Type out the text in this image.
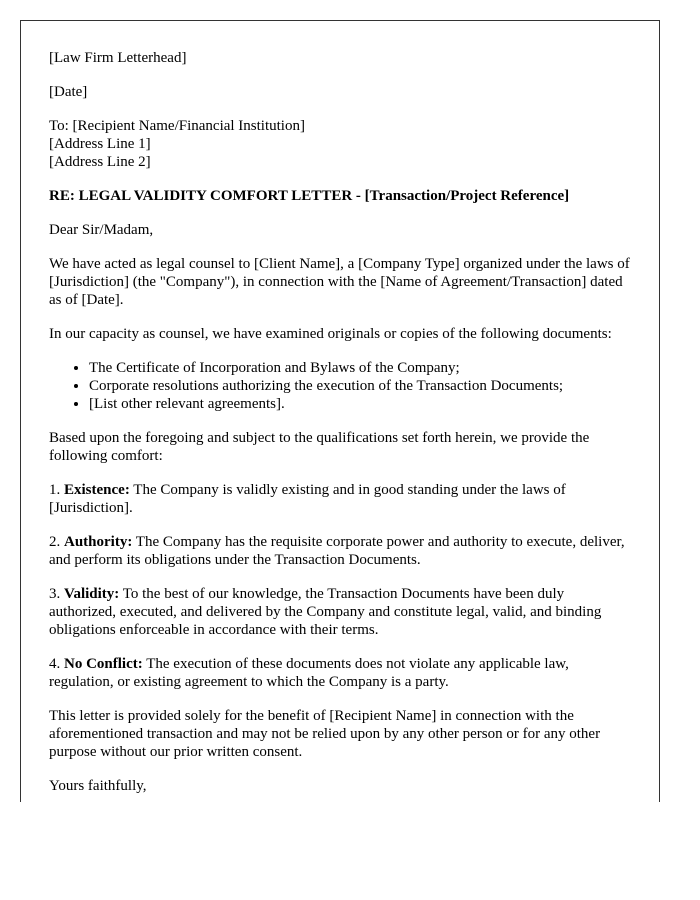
[Law Firm Letterhead]

[Date]

To: [Recipient Name/Financial Institution]
[Address Line 1]
[Address Line 2]

RE: LEGAL VALIDITY COMFORT LETTER - [Transaction/Project Reference]

Dear Sir/Madam,

We have acted as legal counsel to [Client Name], a [Company Type] organized under the laws of [Jurisdiction] (the "Company"), in connection with the [Name of Agreement/Transaction] dated as of [Date].

In our capacity as counsel, we have examined originals or copies of the following documents:

• The Certificate of Incorporation and Bylaws of the Company;
• Corporate resolutions authorizing the execution of the Transaction Documents;
• [List other relevant agreements].

Based upon the foregoing and subject to the qualifications set forth herein, we provide the following comfort:

1. Existence: The Company is validly existing and in good standing under the laws of [Jurisdiction].

2. Authority: The Company has the requisite corporate power and authority to execute, deliver, and perform its obligations under the Transaction Documents.

3. Validity: To the best of our knowledge, the Transaction Documents have been duly authorized, executed, and delivered by the Company and constitute legal, valid, and binding obligations enforceable in accordance with their terms.

4. No Conflict: The execution of these documents does not violate any applicable law, regulation, or existing agreement to which the Company is a party.

This letter is provided solely for the benefit of [Recipient Name] in connection with the aforementioned transaction and may not be relied upon by any other person or for any other purpose without our prior written consent.

Yours faithfully,
